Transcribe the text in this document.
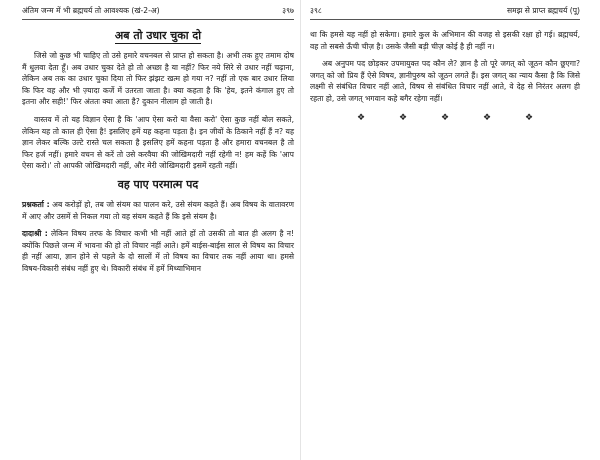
अंतिम जन्म में भी ब्रह्मचर्य तो आवश्यक (खं-2-अ)	३९७
अब तो उधार चुका दो

जिसे जो कुछ भी चाहिए तो उसे हमारे वचनबल से प्राप्त हो सकता है। अभी तक हुए तमाम दोष मैं धुलवा देता हूँ। अब उधार चुका देते हो तो अच्छा है या नहीं? फिर नये सिरे से उधार नहीं चढ़ाना, लेकिन अब तक का उधार चुका दिया तो फिर झंझट खत्म हो गया न? नहीं तो एक बार उधार लिया कि फिर वह और भी ज़्यादा कर्जे में उतरता जाता है। क्या कहता है कि 'हेय, इतने कंगाल हुए तो इतना और सही!' फिर अंततः क्या आता है? दुकान नीलाम हो जाती है।

वास्तव में तो यह विज्ञान ऐसा है कि 'आप ऐसा करो या वैसा करो' ऐसा कुछ नहीं बोल सकते, लेकिन यह तो काल ही ऐसा है! इसलिए हमें यह कहना पड़ता है। इन जीवों के ठिकाने नहीं हैं न? यह ज्ञान लेकर बल्कि उल्टे रास्ते चल सकता है इसलिए हमें कहना पड़ता है और हमारा वचनबल है तो फिर हर्ज नहीं। हमारे वचन से करें तो उसे करवैया की जोखिमदारी नहीं रहेगी न! हम कहें कि 'आप ऐसा करो।' तो आपकी जोखिमदारी नहीं, और मेरी जोखिमदारी इसमें रहती नहीं।

वह पाए परमात्म पद

प्रश्नकर्ता : अब करोड़ों हो, तब जो संयम का पालन करे, उसे संयम कहते हैं। अब विषय के वातावरण में आए और उसमें से निकल गया तो वह संयम कहते हैं कि इसे संयम है।

दादाश्री : लेकिन विषय तरफ के विचार कभी भी नहीं आते हों तो उसकी तो बात ही अलग है न! क्योंकि पिछले जन्म में भावना की हो तो विचार नहीं आते। हमें बाईस-बाईस साल से विषय का विचार ही नहीं आया, ज्ञान होने से पहले के दो सालों में तो विषय का विचार तक नहीं आया था। हमसे विषय-विकारी संबंध नहीं हुए थे। विकारी संबंध में हमें मिथ्याभिमान

३९८	समझ से प्राप्त ब्रह्मचर्य (पू)

था कि हमसे यह नहीं हो सकेगा। हमारे कुल के अभिमान की वजह से इसकी रक्षा हो गई। ब्रह्मचर्य, वह तो सबसे ऊँची चीज़ है। उसके जैसी बड़ी चीज़ कोई है ही नहीं न।

अब अनुपम पद छोड़कर उपमायुक्त पद कौन ले? ज्ञान है तो पूरे जगत् को जूठन कौन छूएगा? जगत् को जो प्रिय हैं ऐसे विषय, ज्ञानीपुरुष को जूठन लगते हैं। इस जगत् का न्याय कैसा है कि जिसे लक्ष्मी से संबंधित विचार नहीं आते, विषय से संबंधित विचार नहीं आते, वे देह से निरंतर अलग ही रहता हो, उसे जगत् भगवान कहे बगैर रहेगा नहीं।

❖	❖	❖	❖	❖
